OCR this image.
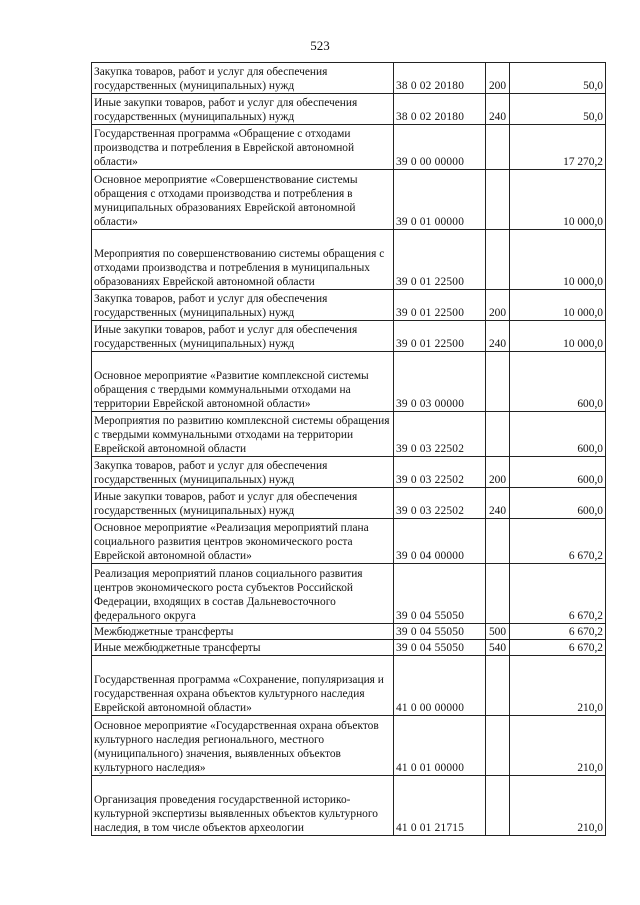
523
Закупка товаров, работ и услуг для обеспечения государственных (муниципальных) нужд	38 0 02 20180	200	50,0
Иные закупки товаров, работ и услуг для обеспечения государственных (муниципальных) нужд	38 0 02 20180	240	50,0
Государственная программа «Обращение с отходами производства и потребления в Еврейской автономной области»	39 0 00 00000		17 270,2
Основное мероприятие «Совершенствование системы обращения с отходами производства и потребления в муниципальных образованиях Еврейской автономной области»	39 0 01 00000		10 000,0
Мероприятия по совершенствованию системы обращения с отходами производства и потребления в муниципальных образованиях Еврейской автономной области	39 0 01 22500		10 000,0
Закупка товаров, работ и услуг для обеспечения государственных (муниципальных) нужд	39 0 01 22500	200	10 000,0
Иные закупки товаров, работ и услуг для обеспечения государственных (муниципальных) нужд	39 0 01 22500	240	10 000,0
Основное мероприятие «Развитие комплексной системы обращения с твердыми коммунальными отходами на территории Еврейской автономной области»	39 0 03 00000		600,0
Мероприятия по развитию комплексной системы обращения с твердыми коммунальными отходами на территории Еврейской автономной области	39 0 03 22502		600,0
Закупка товаров, работ и услуг для обеспечения государственных (муниципальных) нужд	39 0 03 22502	200	600,0
Иные закупки товаров, работ и услуг для обеспечения государственных (муниципальных) нужд	39 0 03 22502	240	600,0
Основное мероприятие «Реализация мероприятий плана социального развития центров экономического роста Еврейской автономной области»	39 0 04 00000		6 670,2
Реализация мероприятий планов социального развития центров экономического роста субъектов Российской Федерации, входящих в состав Дальневосточного федерального округа	39 0 04 55050		6 670,2
Межбюджетные трансферты	39 0 04 55050	500	6 670,2
Иные межбюджетные трансферты	39 0 04 55050	540	6 670,2
Государственная программа «Сохранение, популяризация и государственная охрана объектов культурного наследия Еврейской автономной области»	41 0 00 00000		210,0
Основное мероприятие «Государственная охрана объектов культурного наследия регионального, местного (муниципального) значения, выявленных объектов культурного наследия»	41 0 01 00000		210,0
Организация проведения государственной историко-культурной экспертизы выявленных объектов культурного наследия, в том числе объектов археологии	41 0 01 21715		210,0
